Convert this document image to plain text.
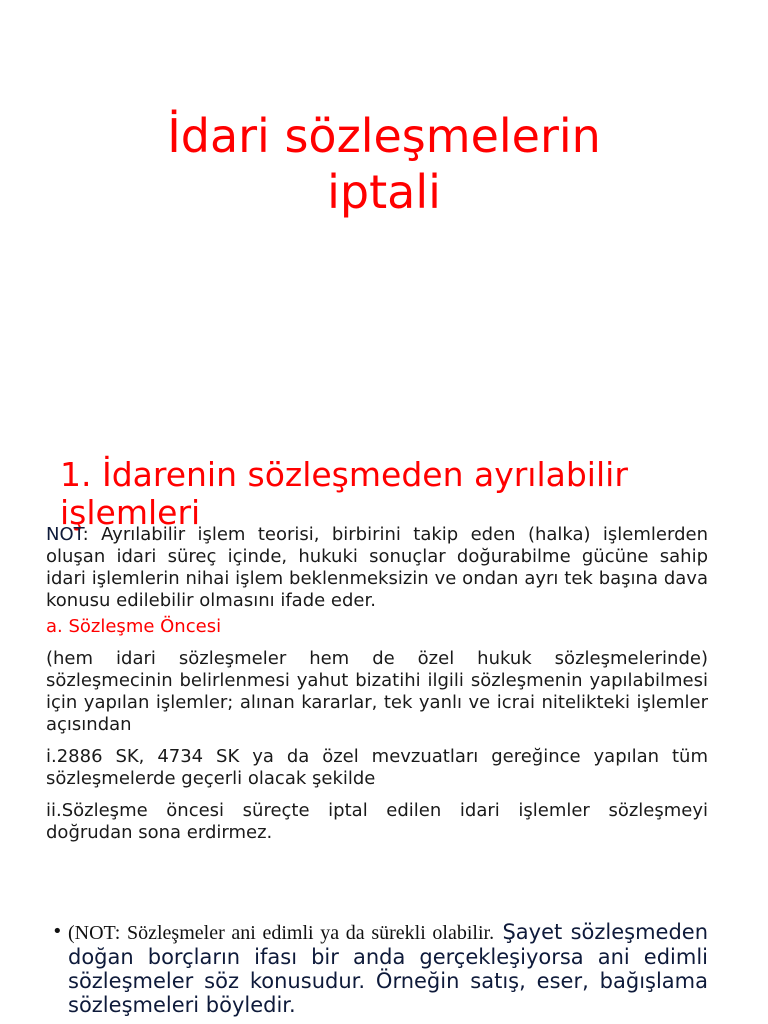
İdari sözleşmelerin
iptali
1. İdarenin sözleşmeden ayrılabilir işlemleri

NOT: Ayrılabilir işlem teorisi, birbirini takip eden (halka) işlemlerden oluşan idari süreç içinde, hukuki sonuçlar doğurabilme gücüne sahip idari işlemlerin nihai işlem beklenmeksizin ve ondan ayrı tek başına dava konusu edilebilir olmasını ifade eder.

a. Sözleşme Öncesi

(hem idari sözleşmeler hem de özel hukuk sözleşmelerinde) sözleşmecinin belirlenmesi yahut bizatihi ilgili sözleşmenin yapılabilmesi için yapılan işlemler; alınan kararlar, tek yanlı ve icrai nitelikteki işlemler açısından

i.2886 SK, 4734 SK ya da özel mevzuatları gereğince yapılan tüm sözleşmelerde geçerli olacak şekilde

ii.Sözleşme öncesi süreçte iptal edilen idari işlemler sözleşmeyi doğrudan sona erdirmez.

• (NOT: Sözleşmeler ani edimli ya da sürekli olabilir. Şayet sözleşmeden doğan borçların ifası bir anda gerçekleşiyorsa ani edimli sözleşmeler söz konusudur. Örneğin satış, eser, bağışlama sözleşmeleri böyledir.
